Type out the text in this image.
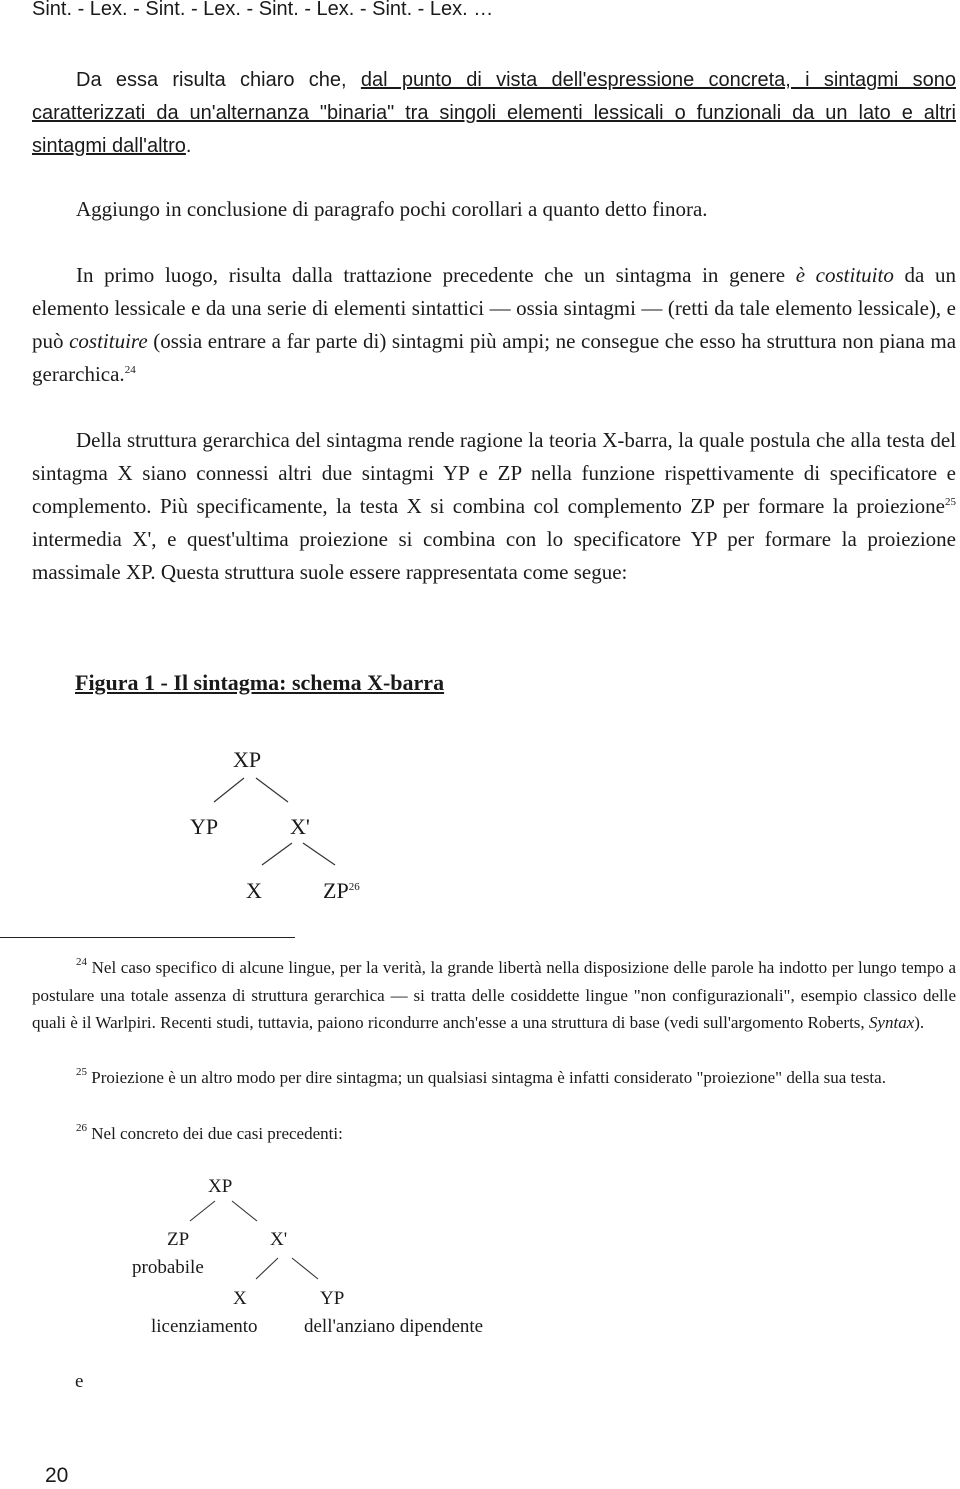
Sint. - Lex. - Sint. - Lex. - Sint. - Lex. - Sint. - Lex. …

Da essa risulta chiaro che, dal punto di vista dell'espressione concreta, i sintagmi sono caratterizzati da un'alternanza "binaria" tra singoli elementi lessicali o funzionali da un lato e altri sintagmi dall'altro.

Aggiungo in conclusione di paragrafo pochi corollari a quanto detto finora.

In primo luogo, risulta dalla trattazione precedente che un sintagma in genere è costituito da un elemento lessicale e da una serie di elementi sintattici — ossia sintagmi — (retti da tale elemento lessicale), e può costituire (ossia entrare a far parte di) sintagmi più ampi; ne consegue che esso ha struttura non piana ma gerarchica.$^{24}$

Della struttura gerarchica del sintagma rende ragione la teoria X-barra, la quale postula che alla testa del sintagma X siano connessi altri due sintagmi YP e ZP nella funzione rispettivamente di specificatore e complemento. Più specificamente, la testa X si combina col complemento ZP per formare la proiezione$^{25}$ intermedia X', e quest'ultima proiezione si combina con lo specificatore YP per formare la proiezione massimale XP. Questa struttura suole essere rappresentata come segue:

Figura 1 - Il sintagma: schema X-barra
XP
YP	X'
X	ZP$^{26}$

$^{24}$ Nel caso specifico di alcune lingue, per la verità, la grande libertà nella disposizione delle parole ha indotto per lungo tempo a postulare una totale assenza di struttura gerarchica — si tratta delle cosiddette lingue "non configurazionali", esempio classico delle quali è il Warlpiri. Recenti studi, tuttavia, paiono ricondurre anch'esse a una struttura di base (vedi sull'argomento Roberts, Syntax).

$^{25}$ Proiezione è un altro modo per dire sintagma; un qualsiasi sintagma è infatti considerato "proiezione" della sua testa.

$^{26}$ Nel concreto dei due casi precedenti:

XP
ZP
probabile
X'
X
licenziamento
YP
dell'anziano dipendente
e
20
